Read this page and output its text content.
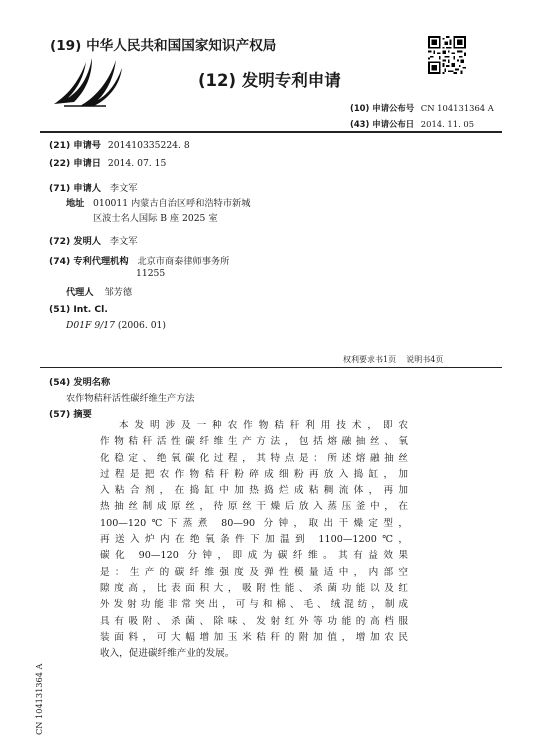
(19) 中华人民共和国国家知识产权局
(12) 发明专利申请
(10) 申请公布号 CN 104131364 A
(43) 申请公布日 2014. 11. 05
(21) 申请号 201410335224. 8
(22) 申请日 2014. 07. 15
(71) 申请人 李文军
地址 010011 内蒙古自治区呼和浩特市新城
区波士名人国际 B 座 2025 室
(72) 发明人 李文军
(74) 专利代理机构 北京市商泰律师事务所
11255
代理人 邹芳德
(51) Int. Cl.
D01F 9/17 (2006. 01)
权利要求书1页    说明书4页
(54) 发明名称
农作物秸秆活性碳纤维生产方法
(57) 摘要
本发明涉及一种农作物秸秆利用技术，即农
作物秸秆活性碳纤维生产方法，包括熔融抽丝、氧
化稳定、绝氧碳化过程，其特点是：所述熔融抽丝
过程是把农作物秸秆粉碎成细粉再放入捣缸，加
入粘合剂，在捣缸中加热捣烂成粘稠流体，再加
热抽丝制成原丝，待原丝干燥后放入蒸压釜中，在
100—120℃下蒸煮 80—90 分钟，取出干燥定型，
再送入炉内在绝氧条件下加温到 1100—1200℃，
碳化 90—120 分钟，即成为碳纤维。其有益效果
是：生产的碳纤维强度及弹性模量适中，内部空
隙度高，比表面积大，吸附性能、杀菌功能以及红
外发射功能非常突出，可与和棉、毛、绒混纺，制成
具有吸附、杀菌、除味、发射红外等功能的高档服
装面料，可大幅增加玉米秸秆的附加值，增加农民
收入，促进碳纤维产业的发展。
CN 104131364 A
